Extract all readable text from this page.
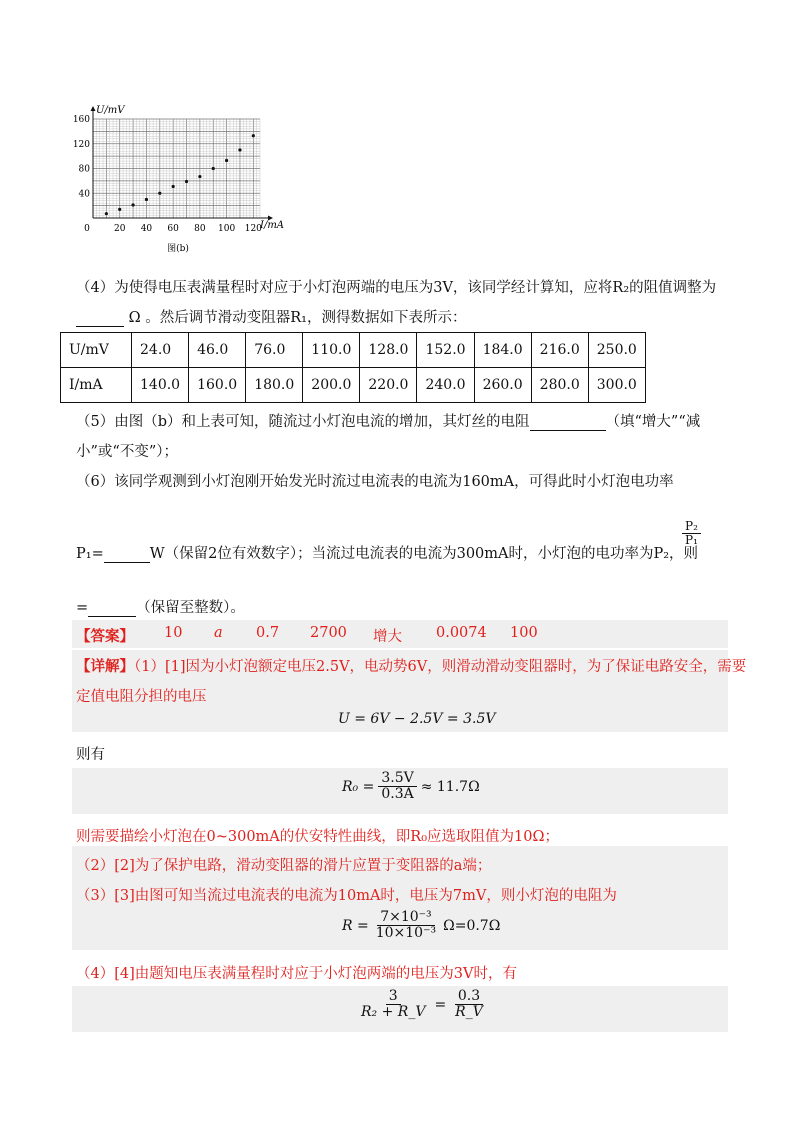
U/mV
I/mA
160
120
80
40
0	20 40 60 80 100 120
图(b)
（4）为使得电压表满量程时对应于小灯泡两端的电压为3V，该同学经计算知，应将R₂的阻值调整为
Ω 。然后调节滑动变阻器R₁，测得数据如下表所示：
U/mV	24.0	46.0	76.0	110.0	128.0	152.0	184.0	216.0	250.0
I/mA	140.0	160.0	180.0	200.0	220.0	240.0	260.0	280.0	300.0
（5）由图（b）和上表可知，随流过小灯泡电流的增加，其灯丝的电阻	（填“增大”“减
小”或“不变”）；
（6）该同学观测到小灯泡刚开始发光时流过电流表的电流为160mA，可得此时小灯泡电功率
P₁=	W（保留2位有效数字）；当流过电流表的电流为300mA时，小灯泡的电功率为P₂，则
$\frac{\text{P₂}}{\text{P₁}}$
=	（保留至整数）。
【答案】 10 a 0.7 2700 增大 0.0074 100
【详解】（1）[1]因为小灯泡额定电压2.5V，电动势6V，则滑动滑动变阻器时，为了保证电路安全，需要
定值电阻分担的电压
U = 6V − 2.5V = 3.5V
则有
$R_0 = \frac{3.5V}{0.3A} \approx 11.7\Omega$
则需要描绘小灯泡在0~300mA的伏安特性曲线，即R₀应选取阻值为10Ω；
（2）[2]为了保护电路，滑动变阻器的滑片应置于变阻器的a端；
（3）[3]由图可知当流过电流表的电流为10mA时，电压为7mV，则小灯泡的电阻为
$R = \frac{\text{7×10⁻³}}{\text{10×10⁻³}} \Omega=0.7\Omega$
（4）[4]由题知电压表满量程时对应于小灯泡两端的电压为3V时，有
$\frac{3}{\text{R₂ + R\_V}} = \frac{0.3}{R\_V}$
